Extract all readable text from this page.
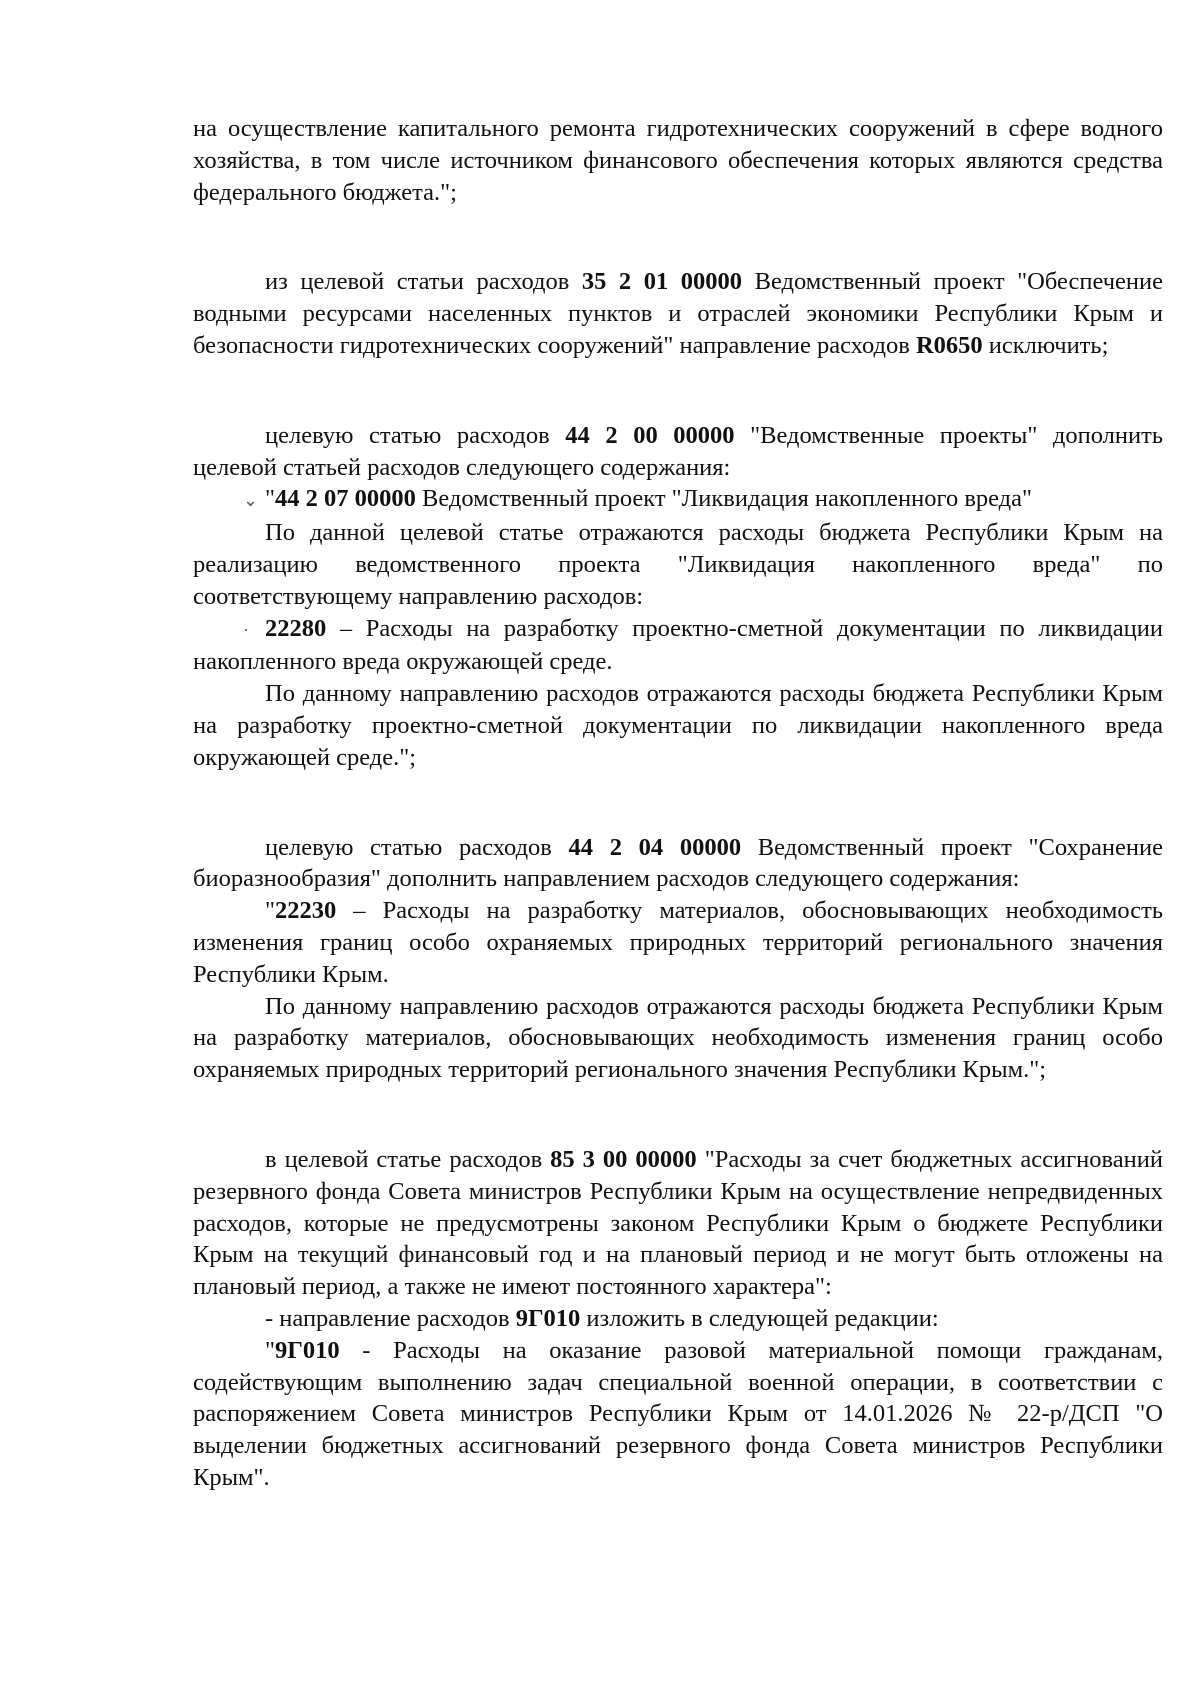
на осуществление капитального ремонта гидротехнических сооружений в сфере водного хозяйства, в том числе источником финансового обеспечения которых являются средства федерального бюджета.";

из целевой статьи расходов 35 2 01 00000 Ведомственный проект "Обеспечение водными ресурсами населенных пунктов и отраслей экономики Республики Крым и безопасности гидротехнических сооружений" направление расходов R0650 исключить;

целевую статью расходов 44 2 00 00000 "Ведомственные проекты" дополнить целевой статьей расходов следующего содержания:

⌄ "44 2 07 00000 Ведомственный проект "Ликвидация накопленного вреда"

По данной целевой статье отражаются расходы бюджета Республики Крым на реализацию ведомственного проекта "Ликвидация накопленного вреда" по соответствующему направлению расходов:

· 22280 – Расходы на разработку проектно-сметной документации по ликвидации накопленного вреда окружающей среде.

По данному направлению расходов отражаются расходы бюджета Республики Крым на разработку проектно-сметной документации по ликвидации накопленного вреда окружающей среде.";

целевую статью расходов 44 2 04 00000 Ведомственный проект "Сохранение биоразнообразия" дополнить направлением расходов следующего содержания:

"22230 – Расходы на разработку материалов, обосновывающих необходимость изменения границ особо охраняемых природных территорий регионального значения Республики Крым.

По данному направлению расходов отражаются расходы бюджета Республики Крым на разработку материалов, обосновывающих необходимость изменения границ особо охраняемых природных территорий регионального значения Республики Крым.";

в целевой статье расходов 85 3 00 00000 "Расходы за счет бюджетных ассигнований резервного фонда Совета министров Республики Крым на осуществление непредвиденных расходов, которые не предусмотрены законом Республики Крым о бюджете Республики Крым на текущий финансовый год и на плановый период и не могут быть отложены на плановый период, а также не имеют постоянного характера":

- направление расходов 9Г010 изложить в следующей редакции:

"9Г010 - Расходы на оказание разовой материальной помощи гражданам, содействующим выполнению задач специальной военной операции, в соответствии с распоряжением Совета министров Республики Крым от 14.01.2026 № 22-р/ДСП "О выделении бюджетных ассигнований резервного фонда Совета министров Республики Крым".
